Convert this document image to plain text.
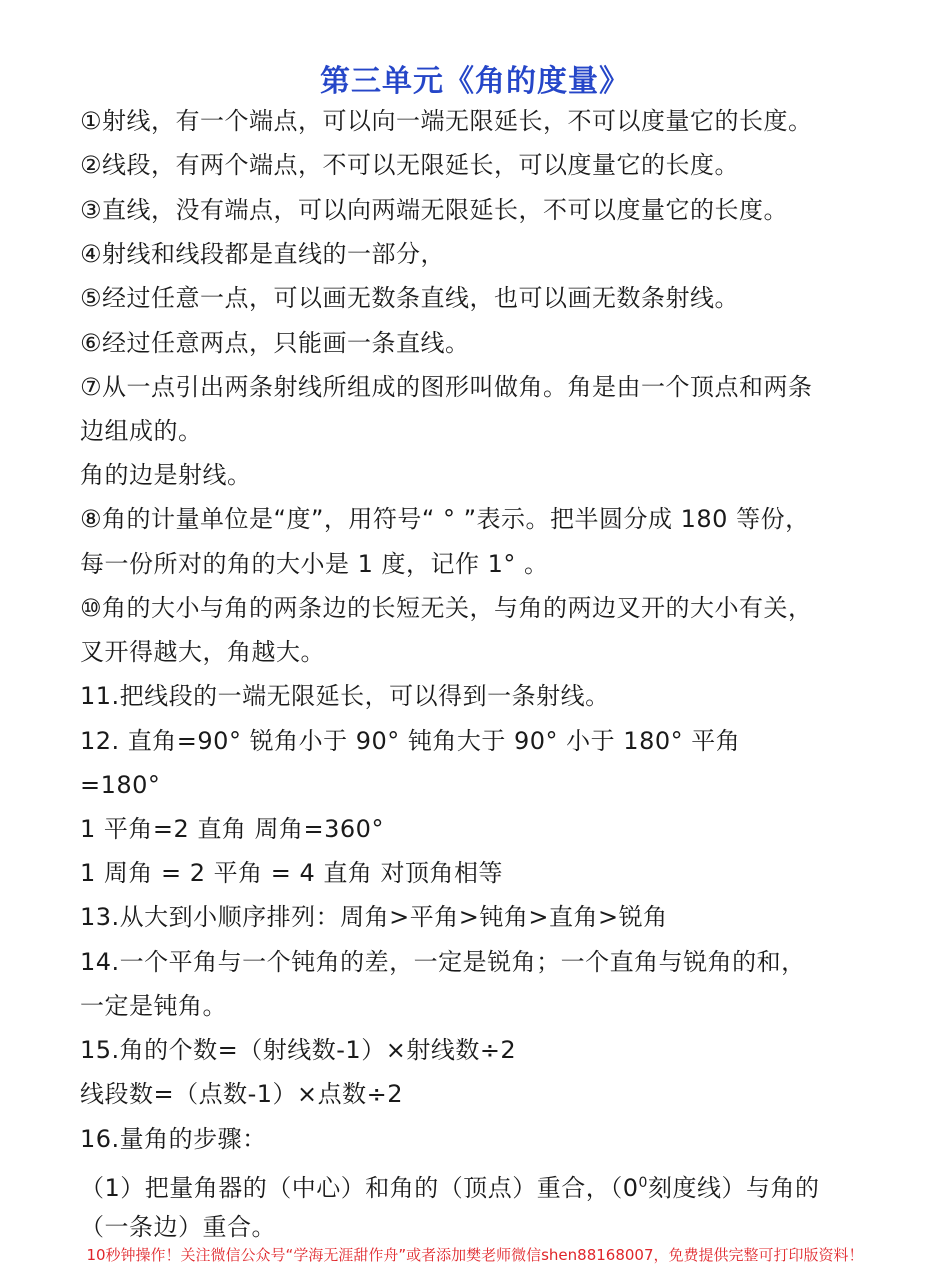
第三单元《角的度量》
①射线，有一个端点，可以向一端无限延长，不可以度量它的长度。
②线段，有两个端点，不可以无限延长，可以度量它的长度。
③直线，没有端点，可以向两端无限延长，不可以度量它的长度。
④射线和线段都是直线的一部分，
⑤经过任意一点，可以画无数条直线，也可以画无数条射线。
⑥经过任意两点，只能画一条直线。
⑦从一点引出两条射线所组成的图形叫做角。角是由一个顶点和两条
边组成的。
角的边是射线。
⑧角的计量单位是“度”，用符号“ ° ”表示。把半圆分成 180 等份，
每一份所对的角的大小是 1 度，记作 1° 。
⑩角的大小与角的两条边的长短无关，与角的两边叉开的大小有关，
叉开得越大，角越大。
11.把线段的一端无限延长，可以得到一条射线。
12. 直角=90° 锐角小于 90° 钝角大于 90° 小于 180° 平角
=180°
1 平角=2 直角 周角=360°
1 周角 = 2 平角 = 4 直角 对顶角相等
13.从大到小顺序排列：周角>平角>钝角>直角>锐角
14.一个平角与一个钝角的差，一定是锐角；一个直角与锐角的和，
一定是钝角。
15.角的个数=（射线数-1）×射线数÷2
线段数=（点数-1）×点数÷2
16.量角的步骤：
（1）把量角器的（中心）和角的（顶点）重合，（$0^0$刻度线）与角的
（一条边）重合。
10秒钟操作！关注微信公众号“学海无涯甜作舟”或者添加樊老师微信shen88168007，免费提供完整可打印版资料！
